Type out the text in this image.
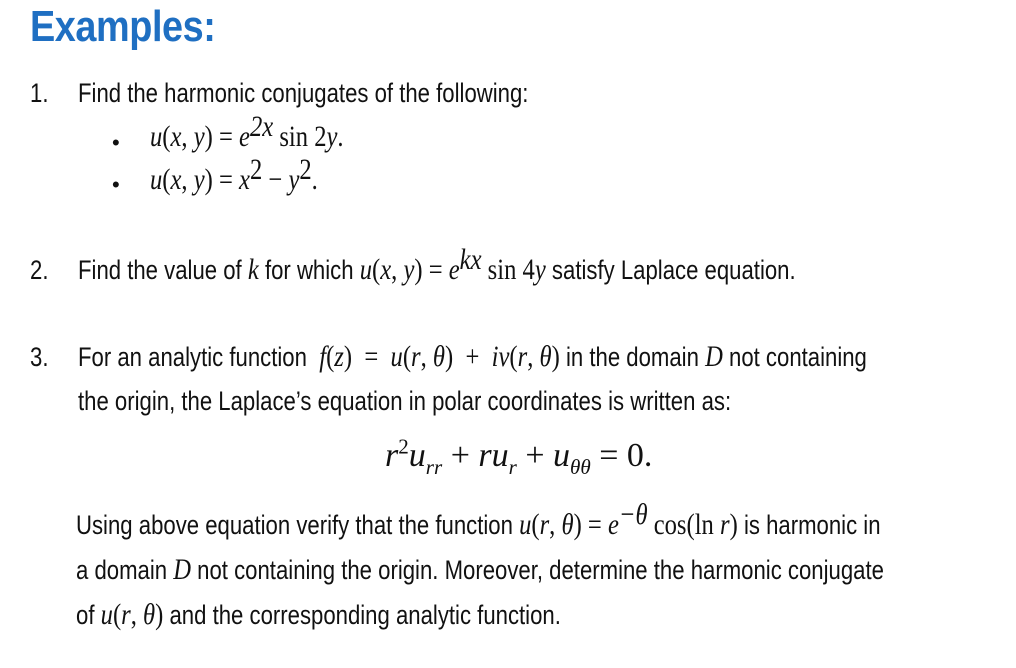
Examples:
1. Find the harmonic conjugates of the following:
• u(x, $y) = e^{2x}$ sin 2y.
• u(x, $y) = x^2 - y^2$.
2. Find the value of k for which u(x, $y) = e^{kx}$ sin 4y satisfy Laplace equation.
3. For an analytic function  f(z)  =  u(r, θ)  +  iv(r, θ) in the domain D not containing
the origin, the Laplace’s equation in polar coordinates is written as:
$r^2u_{rr} + ru_r + u_{\theta\theta} = 0$.
Using above equation verify that the function u(r, $\theta) = e^{-\theta}$ cos(ln r) is harmonic in
a domain D not containing the origin. Moreover, determine the harmonic conjugate
of u(r, θ) and the corresponding analytic function.
